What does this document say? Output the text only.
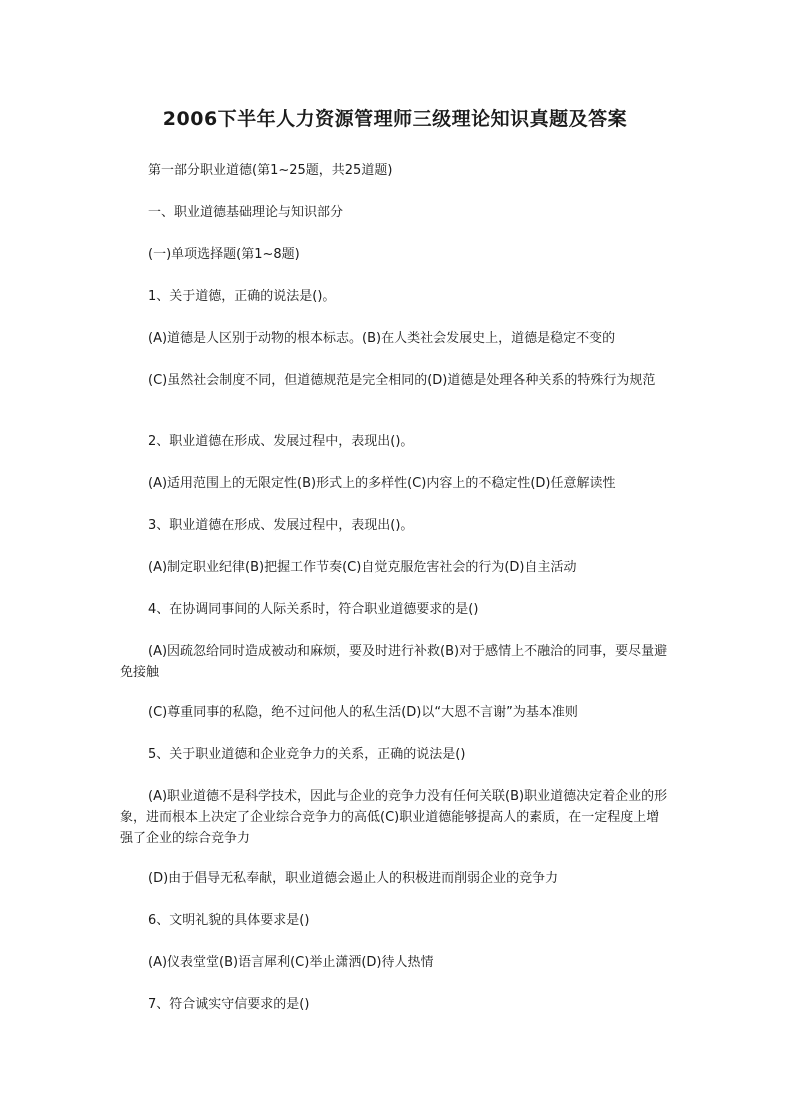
2006下半年人力资源管理师三级理论知识真题及答案
第一部分职业道德(第1~25题，共25道题)
一、职业道德基础理论与知识部分
(一)单项选择题(第1~8题)
1、关于道德，正确的说法是()。
(A)道德是人区别于动物的根本标志。(B)在人类社会发展史上，道德是稳定不变的
(C)虽然社会制度不同，但道德规范是完全相同的(D)道德是处理各种关系的特殊行为规范
2、职业道德在形成、发展过程中，表现出()。
(A)适用范围上的无限定性(B)形式上的多样性(C)内容上的不稳定性(D)任意解读性
3、职业道德在形成、发展过程中，表现出()。
(A)制定职业纪律(B)把握工作节奏(C)自觉克服危害社会的行为(D)自主活动
4、在协调同事间的人际关系时，符合职业道德要求的是()
(A)因疏忽给同时造成被动和麻烦，要及时进行补救(B)对于感情上不融洽的同事，要尽量避免接触
(C)尊重同事的私隐，绝不过问他人的私生活(D)以“大恩不言谢”为基本准则
5、关于职业道德和企业竞争力的关系，正确的说法是()
(A)职业道德不是科学技术，因此与企业的竞争力没有任何关联(B)职业道德决定着企业的形象，进而根本上决定了企业综合竞争力的高低(C)职业道德能够提高人的素质，在一定程度上增强了企业的综合竞争力
(D)由于倡导无私奉献，职业道德会遏止人的积极进而削弱企业的竞争力
6、文明礼貌的具体要求是()
(A)仪表堂堂(B)语言犀利(C)举止潇洒(D)待人热情
7、符合诚实守信要求的是()
